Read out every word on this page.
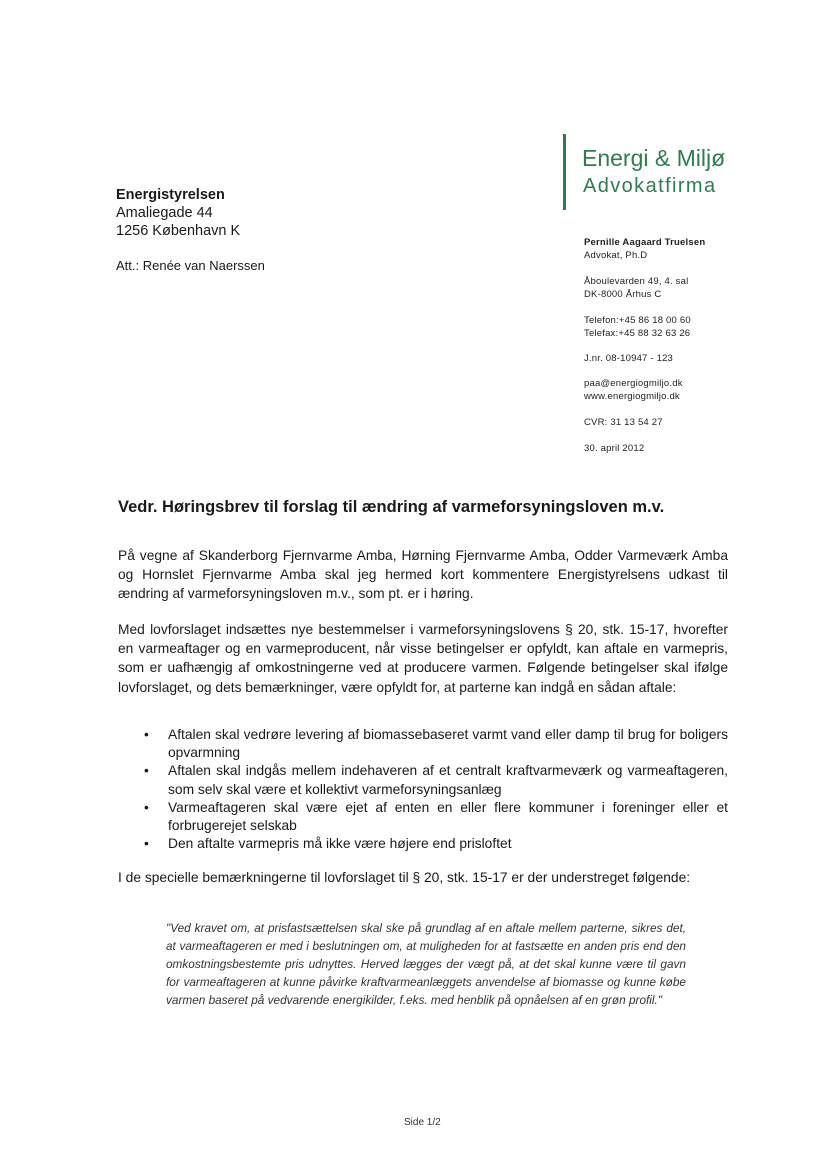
Energistyrelsen
Amaliegade 44
1256 København K
Att.: Renée van Naerssen
Energi & Miljø
Advokatfirma
Pernille Aagaard Truelsen
Advokat, Ph.D
Åboulevarden 49, 4. sal
DK-8000 Århus C
Telefon:+45 86 18 00 60
Telefax:+45 88 32 63 26
J.nr. 08-10947 - 123
paa@energiogmiljo.dk
www.energiogmiljo.dk
CVR: 31 13 54 27
30. april 2012
Vedr. Høringsbrev til forslag til ændring af varmeforsyningsloven m.v.
På vegne af Skanderborg Fjernvarme Amba, Hørning Fjernvarme Amba, Odder Varmeværk Amba og Hornslet Fjernvarme Amba skal jeg hermed kort kommentere Energistyrelsens udkast til ændring af varmeforsyningsloven m.v., som pt. er i høring.
Med lovforslaget indsættes nye bestemmelser i varmeforsyningslovens § 20, stk. 15-17, hvorefter en varmeaftager og en varmeproducent, når visse betingelser er opfyldt, kan aftale en varmepris, som er uafhængig af omkostningerne ved at producere varmen. Følgende betingelser skal ifølge lovforslaget, og dets bemærkninger, være opfyldt for, at parterne kan indgå en sådan aftale:
• Aftalen skal vedrøre levering af biomassebaseret varmt vand eller damp til brug for boligers opvarmning
• Aftalen skal indgås mellem indehaveren af et centralt kraftvarmeværk og varmeaftageren, som selv skal være et kollektivt varmeforsyningsanlæg
• Varmeaftageren skal være ejet af enten en eller flere kommuner i foreninger eller et forbrugerejet selskab
• Den aftalte varmepris må ikke være højere end prisloftet
I de specielle bemærkningerne til lovforslaget til § 20, stk. 15-17 er der understreget følgende:
"Ved kravet om, at prisfastsættelsen skal ske på grundlag af en aftale mellem parterne, sikres det, at varmeaftageren er med i beslutningen om, at muligheden for at fastsætte en anden pris end den omkostningsbestemte pris udnyttes. Herved lægges der vægt på, at det skal kunne være til gavn for varmeaftageren at kunne påvirke kraftvarmeanlæggets anvendelse af biomasse og kunne købe varmen baseret på vedvarende energikilder, f.eks. med henblik på opnåelsen af en grøn profil."
Side 1/2
